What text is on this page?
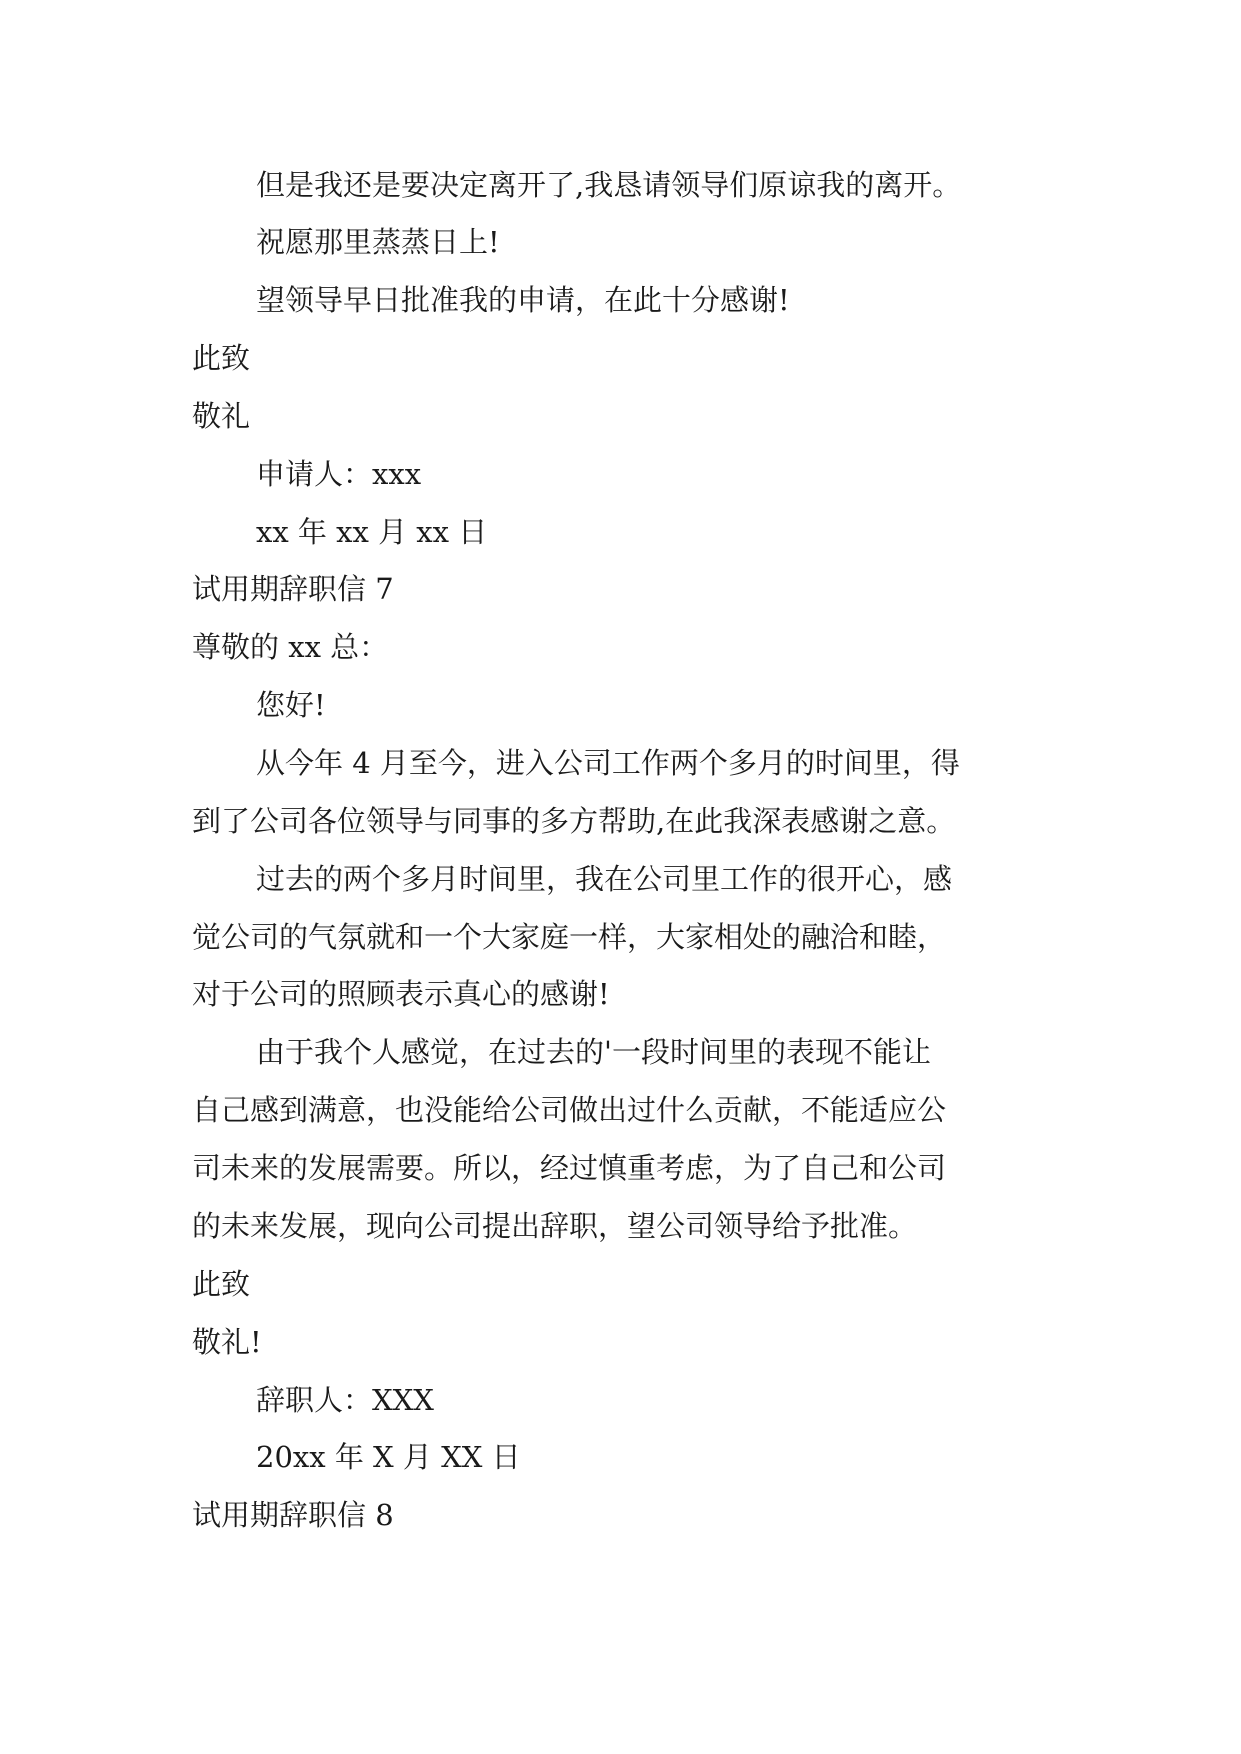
但是我还是要决定离开了,我恳请领导们原谅我的离开。
祝愿那里蒸蒸日上!
望领导早日批准我的申请，在此十分感谢!
此致
敬礼
申请人：xxx
xx 年 xx 月 xx 日
试用期辞职信 7
尊敬的 xx 总：
您好!
从今年 4 月至今，进入公司工作两个多月的时间里，得
到了公司各位领导与同事的多方帮助,在此我深表感谢之意。
过去的两个多月时间里，我在公司里工作的很开心，感
觉公司的气氛就和一个大家庭一样，大家相处的融洽和睦，
对于公司的照顾表示真心的感谢!
由于我个人感觉，在过去的'一段时间里的表现不能让
自己感到满意，也没能给公司做出过什么贡献，不能适应公
司未来的发展需要。所以，经过慎重考虑，为了自己和公司
的未来发展，现向公司提出辞职，望公司领导给予批准。
此致
敬礼!
辞职人：XXX
20xx 年 X 月 XX 日
试用期辞职信 8
